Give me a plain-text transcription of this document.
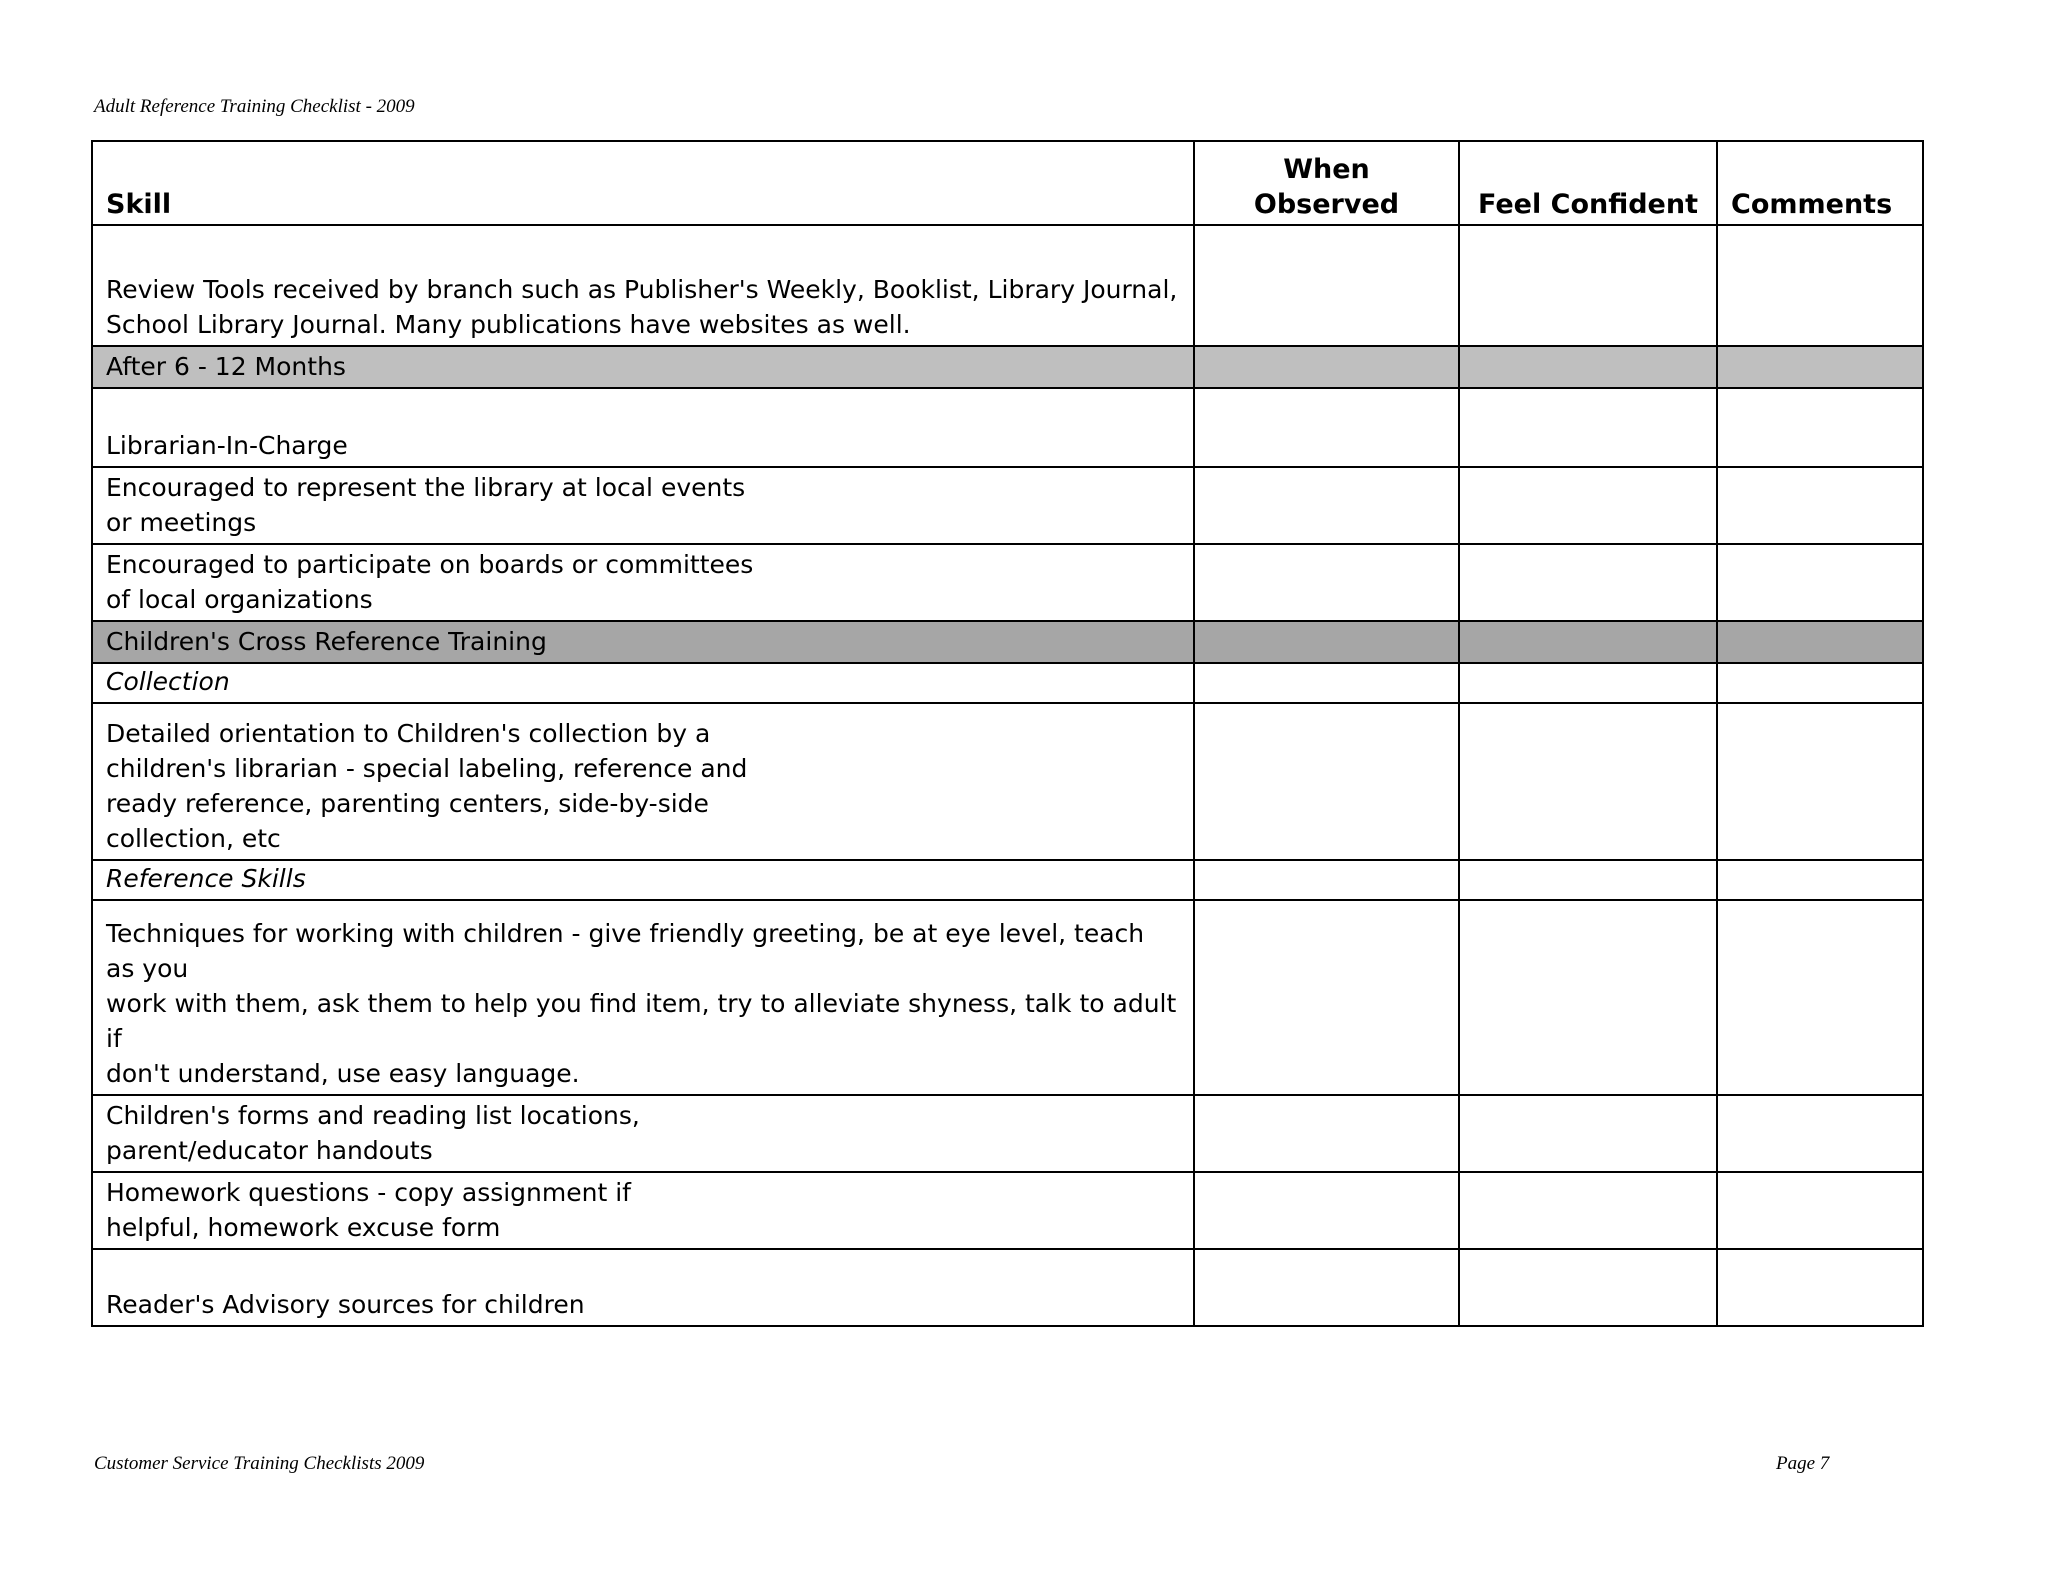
Adult Reference Training Checklist - 2009
Skill	When Observed	Feel Confident	Comments

Review Tools received by branch such as Publisher's Weekly, Booklist, Library Journal,
School Library Journal. Many publications have websites as well.			

After 6 - 12 Months			

Librarian-In-Charge			

Encouraged to represent the library at local events
or meetings			

Encouraged to participate on boards or committees
of local organizations			

Children's Cross Reference Training			
Collection			

Detailed orientation to Children's collection by a
children's librarian - special labeling, reference and
ready reference, parenting centers, side-by-side
collection, etc			

Reference Skills			

Techniques for working with children - give friendly greeting, be at eye level, teach as you
work with them, ask them to help you find item, try to alleviate shyness, talk to adult if
don't understand, use easy language.			

Children's forms and reading list locations,
parent/educator handouts			

Homework questions - copy assignment if
helpful, homework excuse form			

Reader's Advisory sources for children			

Customer Service Training Checklists 2009	Page 7
